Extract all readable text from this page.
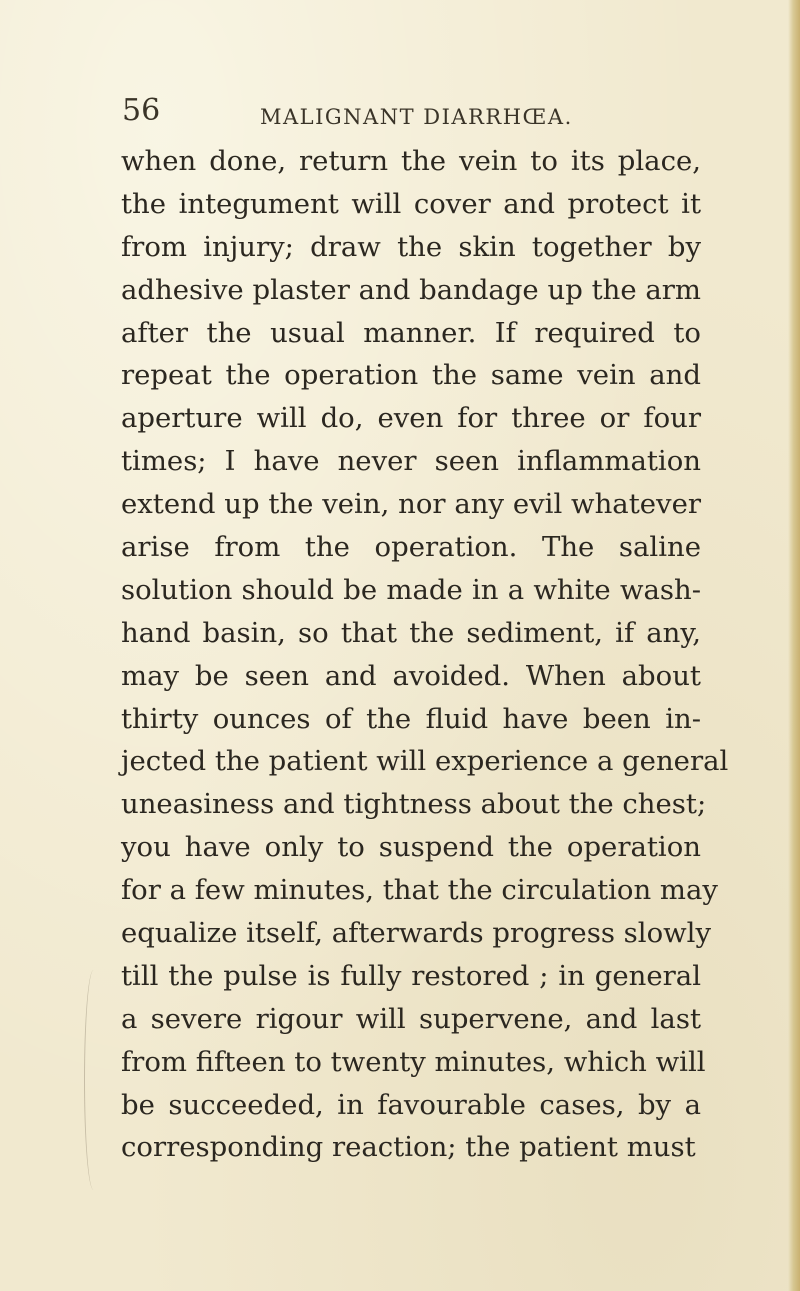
56	MALIGNANT DIARRHŒA.
when done, return the vein to its place,
the integument will cover and protect it
from injury; draw the skin together by
adhesive plaster and bandage up the arm
after the usual manner. If required to
repeat the operation the same vein and
aperture will do, even for three or four
times; I have never seen inflammation
extend up the vein, nor any evil whatever
arise from the operation. The saline
solution should be made in a white wash-
hand basin, so that the sediment, if any,
may be seen and avoided. When about
thirty ounces of the fluid have been in-
jected the patient will experience a general
uneasiness and tightness about the chest;
you have only to suspend the operation
for a few minutes, that the circulation may
equalize itself, afterwards progress slowly
till the pulse is fully restored ; in general
a severe rigour will supervene, and last
from fifteen to twenty minutes, which will
be succeeded, in favourable cases, by a
corresponding reaction; the patient must
